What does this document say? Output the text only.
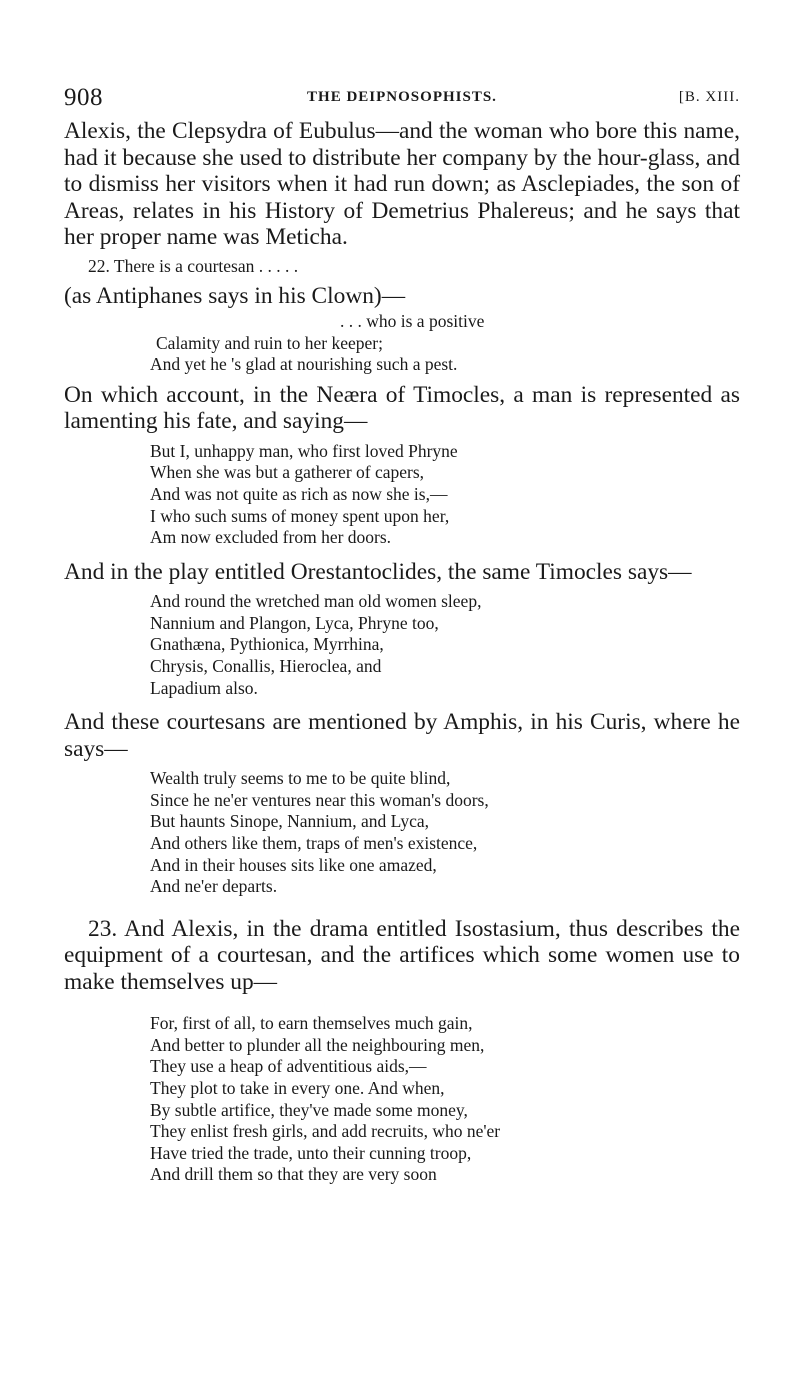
908	THE DEIPNOSOPHISTS.	[B. XIII.

Alexis, the Clepsydra of Eubulus—and the woman who bore this name, had it because she used to distribute her company by the hour-glass, and to dismiss her visitors when it had run down; as Asclepiades, the son of Areas, relates in his History of Demetrius Phalereus; and he says that her proper name was Meticha.

22. There is a courtesan . . . . .

(as Antiphanes says in his Clown)—

. . . who is a positive
Calamity and ruin to her keeper;
And yet he 's glad at nourishing such a pest.

On which account, in the Neæra of Timocles, a man is represented as lamenting his fate, and saying—

But I, unhappy man, who first loved Phryne
When she was but a gatherer of capers,
And was not quite as rich as now she is,—
I who such sums of money spent upon her,
Am now excluded from her doors.

And in the play entitled Orestantoclides, the same Timocles says—

And round the wretched man old women sleep,
Nannium and Plangon, Lyca, Phryne too,
Gnathæna, Pythionica, Myrrhina,
Chrysis, Conallis, Hieroclea, and
Lapadium also.

And these courtesans are mentioned by Amphis, in his Curis, where he says—

Wealth truly seems to me to be quite blind,
Since he ne'er ventures near this woman's doors,
But haunts Sinope, Nannium, and Lyca,
And others like them, traps of men's existence,
And in their houses sits like one amazed,
And ne'er departs.

23. And Alexis, in the drama entitled Isostasium, thus describes the equipment of a courtesan, and the artifices which some women use to make themselves up—

For, first of all, to earn themselves much gain,
And better to plunder all the neighbouring men,
They use a heap of adventitious aids,—
They plot to take in every one. And when,
By subtle artifice, they've made some money,
They enlist fresh girls, and add recruits, who ne'er
Have tried the trade, unto their cunning troop,
And drill them so that they are very soon
